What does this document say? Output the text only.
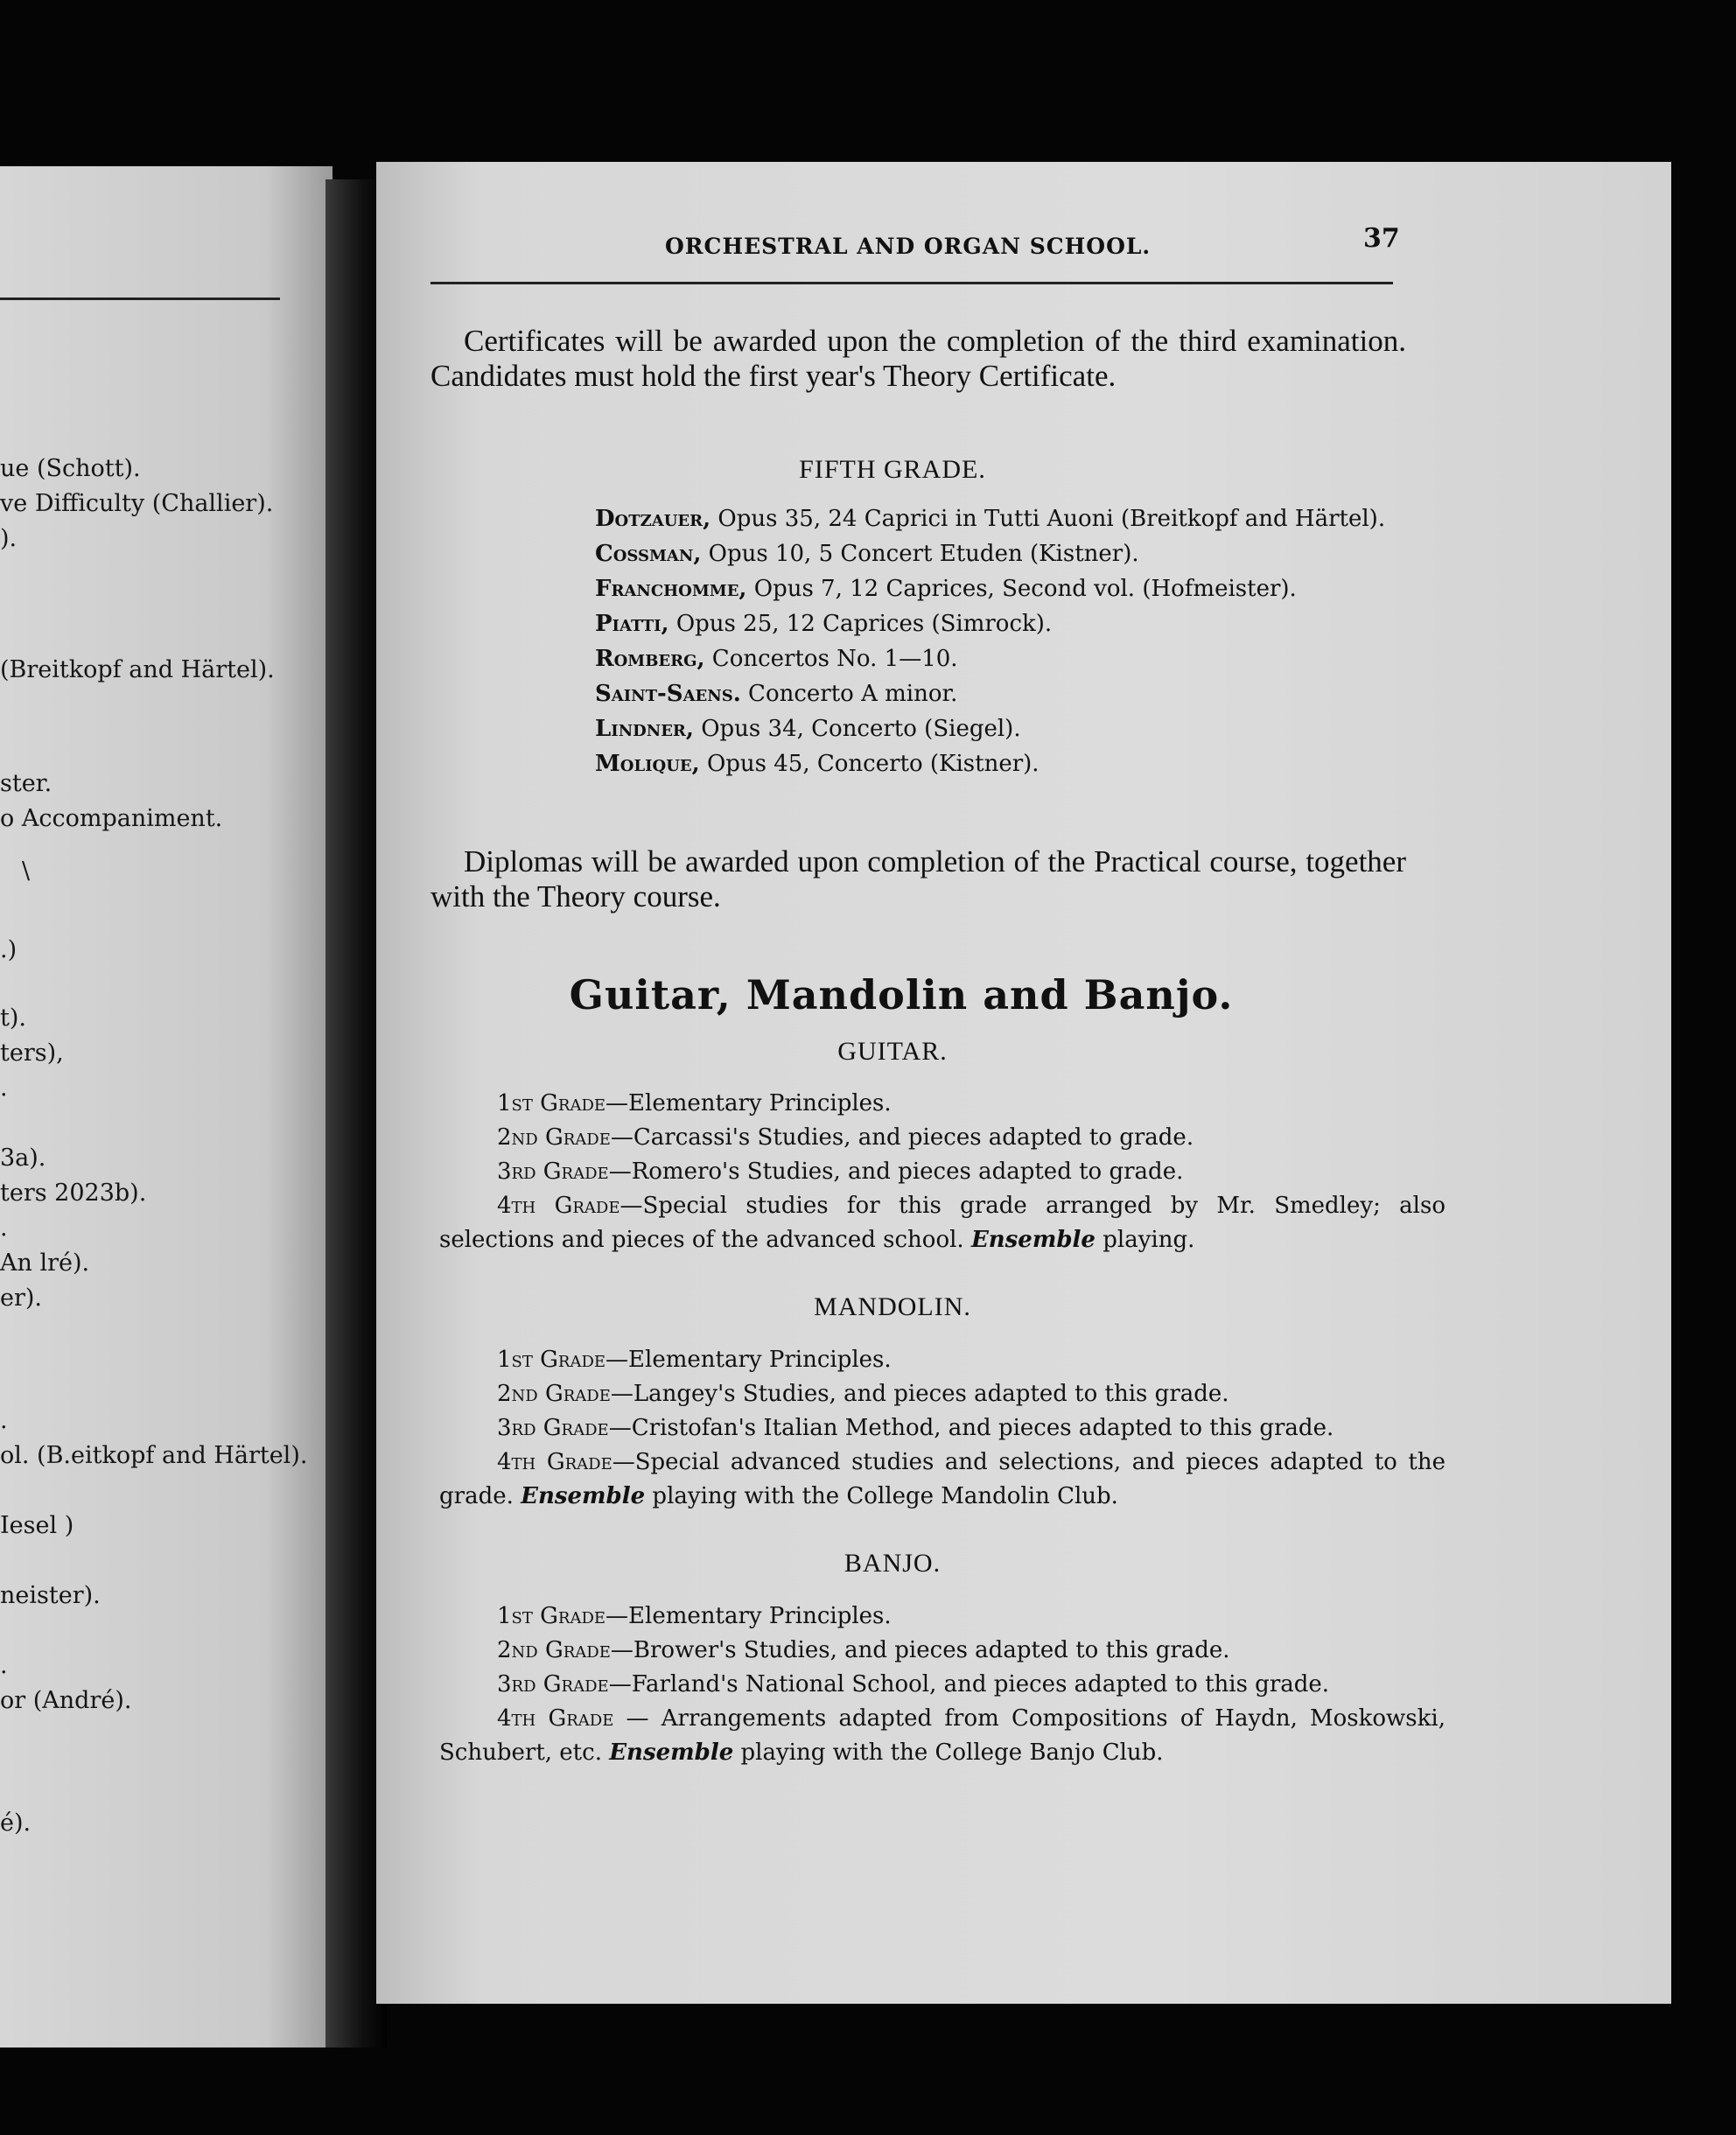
ue (Schott).
ve Difficulty (Challier).
).
(Breitkopf and Härtel).
ster.
o Accompaniment.
\
.)
t).
ters),
.
3a).
ters 2023b).
.
An lré).
er).
.
ol. (B.eitkopf and Härtel).
Iesel )
neister).
.
or (André).
é).
ORCHESTRAL AND ORGAN SCHOOL.	37
Certificates will be awarded upon the completion of the third examination. Candidates must hold the first year's Theory Certificate.
FIFTH GRADE.
Dotzauer, Opus 35, 24 Caprici in Tutti Auoni (Breitkopf and Härtel).
Cossman, Opus 10, 5 Concert Etuden (Kistner).
Franchomme, Opus 7, 12 Caprices, Second vol. (Hofmeister).
Piatti, Opus 25, 12 Caprices (Simrock).
Romberg, Concertos No. 1—10.
Saint-Saens. Concerto A minor.
Lindner, Opus 34, Concerto (Siegel).
Molique, Opus 45, Concerto (Kistner).
Diplomas will be awarded upon completion of the Practical course, together with the Theory course.
Guitar, Mandolin and Banjo.
GUITAR.
1st Grade—Elementary Principles.
2nd Grade—Carcassi's Studies, and pieces adapted to grade.
3rd Grade—Romero's Studies, and pieces adapted to grade.
4th Grade—Special studies for this grade arranged by Mr. Smedley; also selections and pieces of the advanced school. Ensemble playing.
MANDOLIN.
1st Grade—Elementary Principles.
2nd Grade—Langey's Studies, and pieces adapted to this grade.
3rd Grade—Cristofan's Italian Method, and pieces adapted to this grade.
4th Grade—Special advanced studies and selections, and pieces adapted to the grade. Ensemble playing with the College Mandolin Club.
BANJO.
1st Grade—Elementary Principles.
2nd Grade—Brower's Studies, and pieces adapted to this grade.
3rd Grade—Farland's National School, and pieces adapted to this grade.
4th Grade — Arrangements adapted from Compositions of Haydn, Moskowski, Schubert, etc. Ensemble playing with the College Banjo Club.
